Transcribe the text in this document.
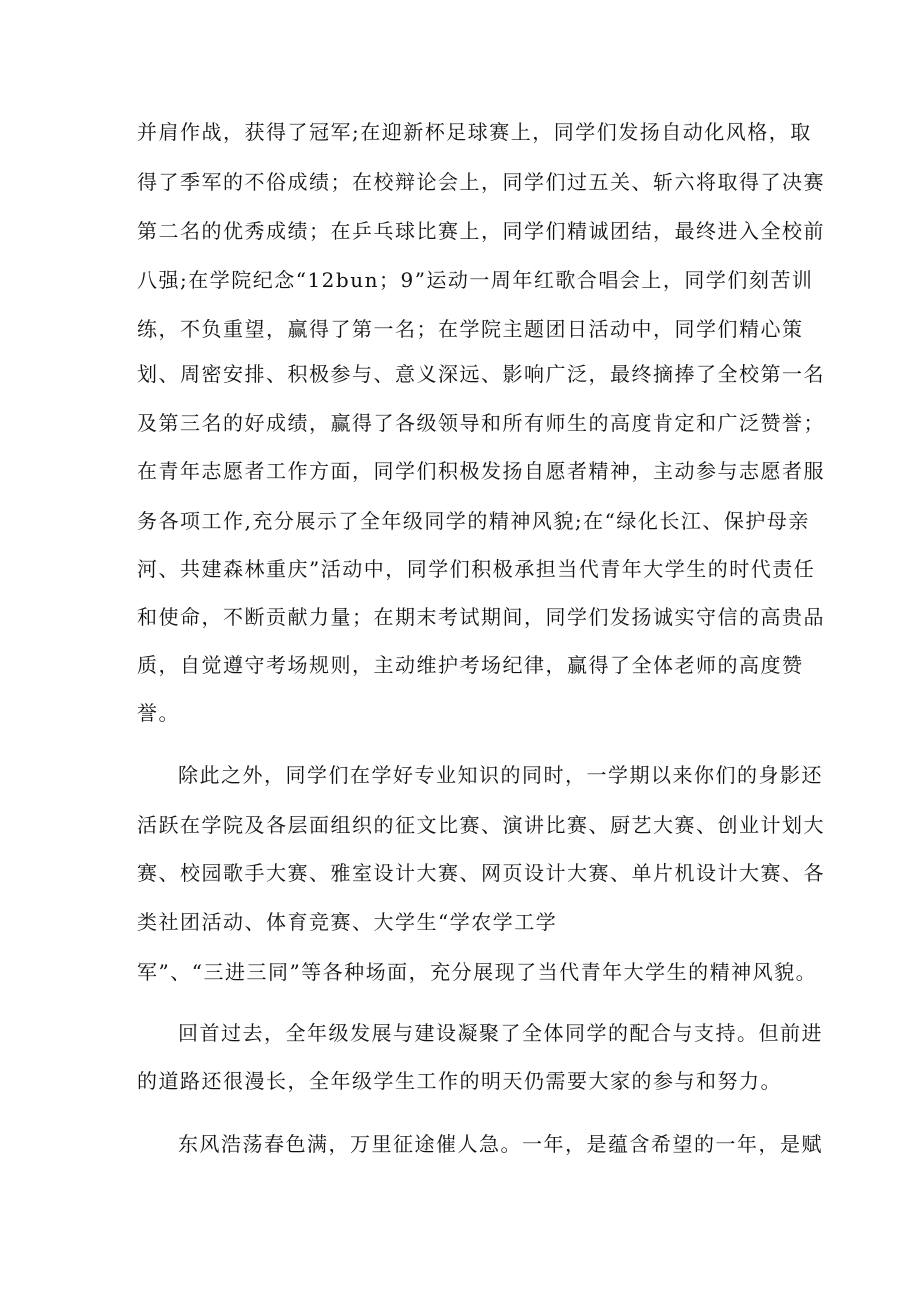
并肩作战，获得了冠军;在迎新杯足球赛上，同学们发扬自动化风格，取

得了季军的不俗成绩；在校辩论会上，同学们过五关、斩六将取得了决赛

第二名的优秀成绩；在乒乓球比赛上，同学们精诚团结，最终进入全校前

八强;在学院纪念“12bun；9”运动一周年红歌合唱会上，同学们刻苦训

练，不负重望，赢得了第一名；在学院主题团日活动中，同学们精心策

划、周密安排、积极参与、意义深远、影响广泛，最终摘捧了全校第一名

及第三名的好成绩，赢得了各级领导和所有师生的高度肯定和广泛赞誉；

在青年志愿者工作方面，同学们积极发扬自愿者精神，主动参与志愿者服

务各项工作,充分展示了全年级同学的精神风貌;在“绿化长江、保护母亲

河、共建森林重庆”活动中，同学们积极承担当代青年大学生的时代责任

和使命，不断贡献力量；在期末考试期间，同学们发扬诚实守信的高贵品

质，自觉遵守考场规则，主动维护考场纪律，赢得了全体老师的高度赞

誉。

除此之外，同学们在学好专业知识的同时，一学期以来你们的身影还

活跃在学院及各层面组织的征文比赛、演讲比赛、厨艺大赛、创业计划大

赛、校园歌手大赛、雅室设计大赛、网页设计大赛、单片机设计大赛、各

类社团活动、体育竞赛、大学生“学农学工学

军”、“三进三同”等各种场面，充分展现了当代青年大学生的精神风貌。

回首过去，全年级发展与建设凝聚了全体同学的配合与支持。但前进

的道路还很漫长，全年级学生工作的明天仍需要大家的参与和努力。

东风浩荡春色满，万里征途催人急。一年，是蕴含希望的一年，是赋
